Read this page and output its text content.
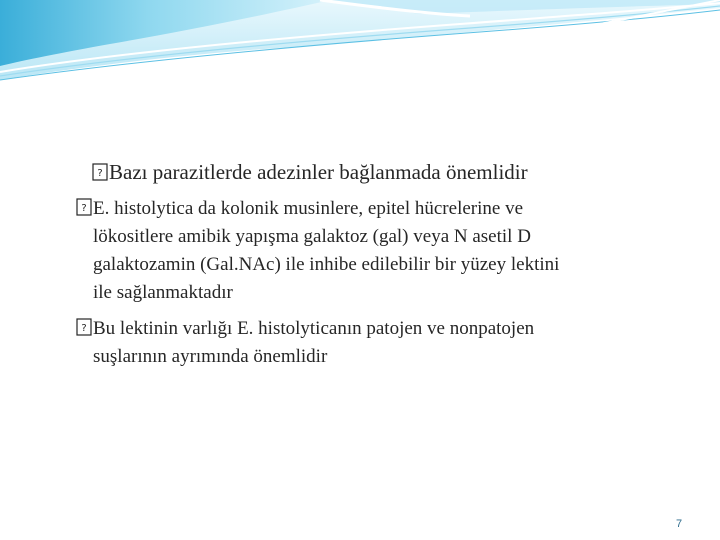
? Bazı parazitlerde adezinler bağlanmada önemlidir
? E. histolytica da kolonik musinlere, epitel hücrelerine ve
lökositlere amibik yapışma galaktoz (gal) veya N asetil D
galaktozamin (Gal.NAc) ile inhibe edilebilir bir yüzey lektini
ile sağlanmaktadır
? Bu lektinin varlığı E. histolyticanın patojen ve nonpatojen
suşlarının ayrımında önemlidir
7
